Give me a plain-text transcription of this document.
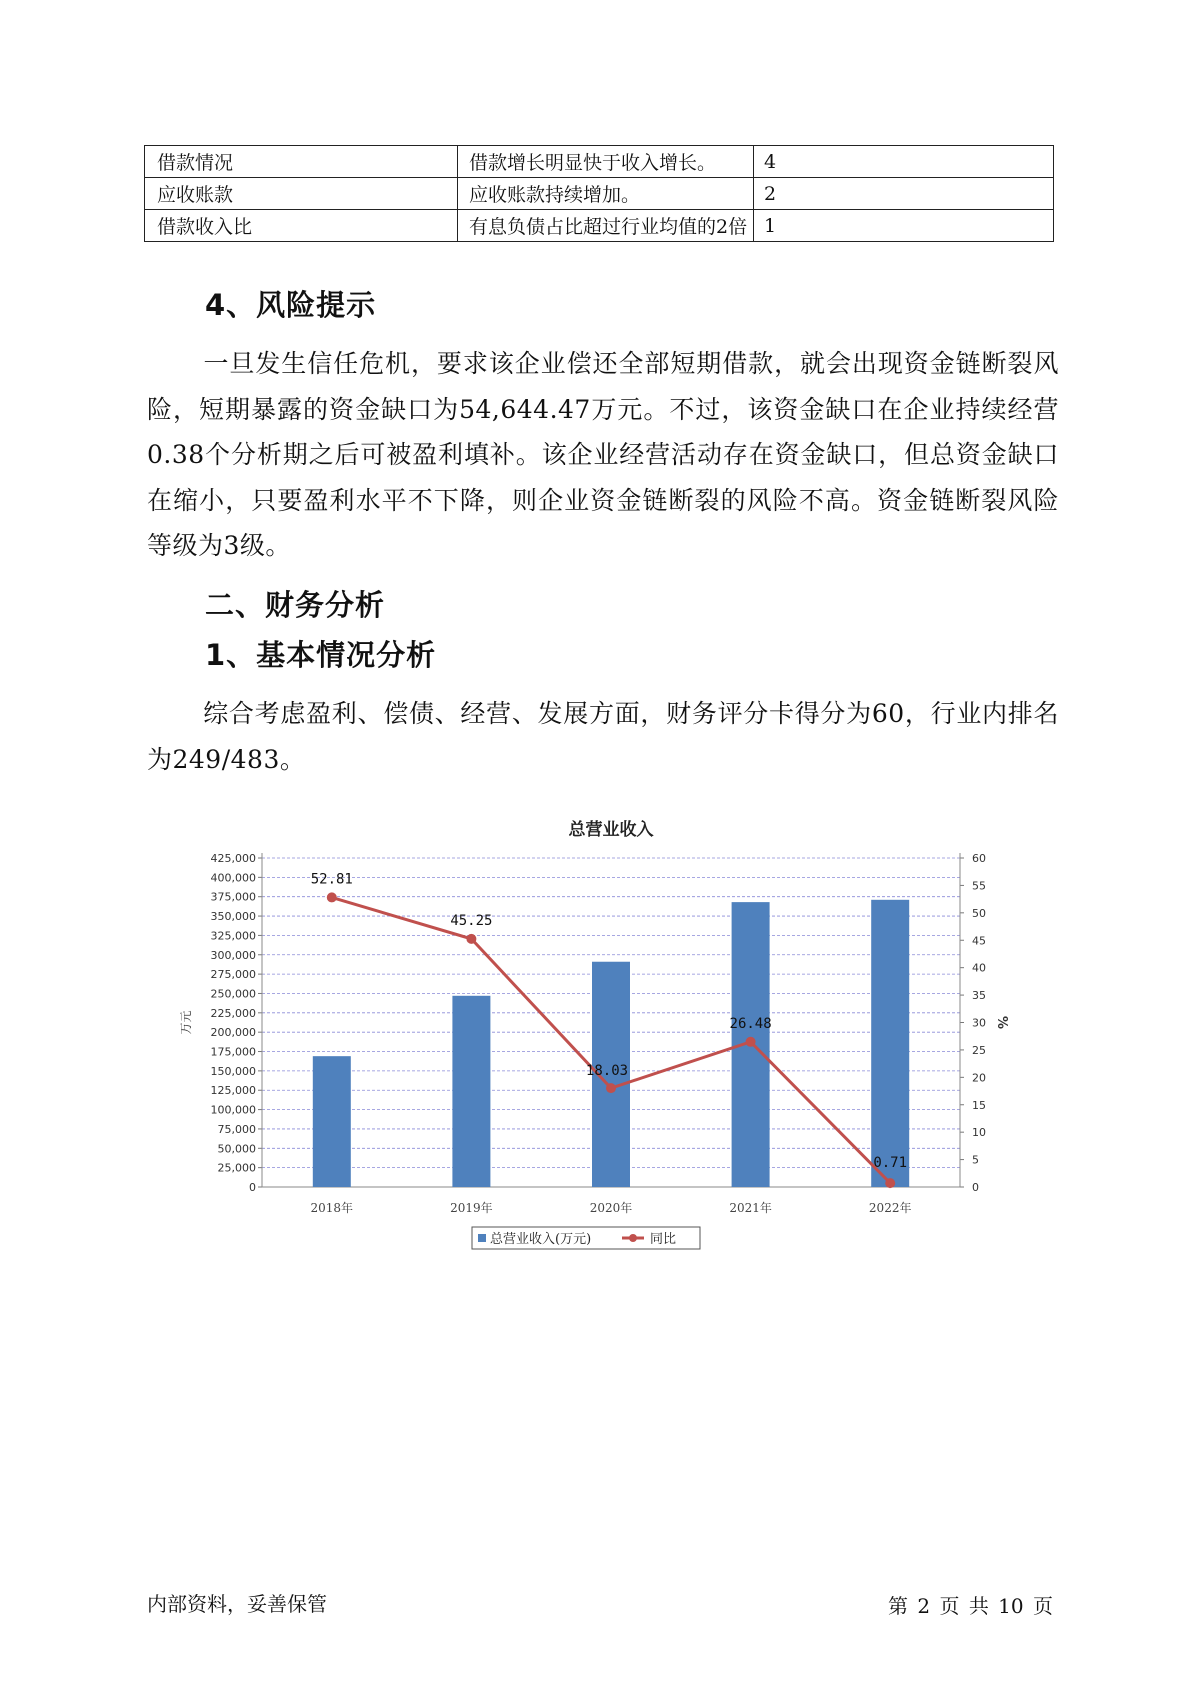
借款情况	借款增长明显快于收入增长。	4
应收账款	应收账款持续增加。	2
借款收入比	有息负债占比超过行业均值的2倍	1
4、风险提示

一旦发生信任危机，要求该企业偿还全部短期借款，就会出现资金链断裂风险，短期暴露的资金缺口为54,644.47万元。不过，该资金缺口在企业持续经营 0.38个分析期之后可被盈利填补。该企业经营活动存在资金缺口，但总资金缺口在缩小，只要盈利水平不下降，则企业资金链断裂的风险不高。资金链断裂风险等级为3级。

二、财务分析
1、基本情况分析

综合考虑盈利、偿债、经营、发展方面，财务评分卡得分为60，行业内排名为249/483。

总营业收入
0
25,000
50,000
75,000
100,000
125,000
150,000
175,000
200,000
225,000
250,000
275,000
300,000
325,000
350,000
375,000
400,000
425,000
0
5
10
15
20
25
30
35
40
45
50
55
60
万元	%
2018年	2019年	2020年	2021年	2022年
52.81
45.25
18.03
26.48
0.71
总营业收入(万元)	同比
内部资料，妥善保管	第 2 页 共 10 页
